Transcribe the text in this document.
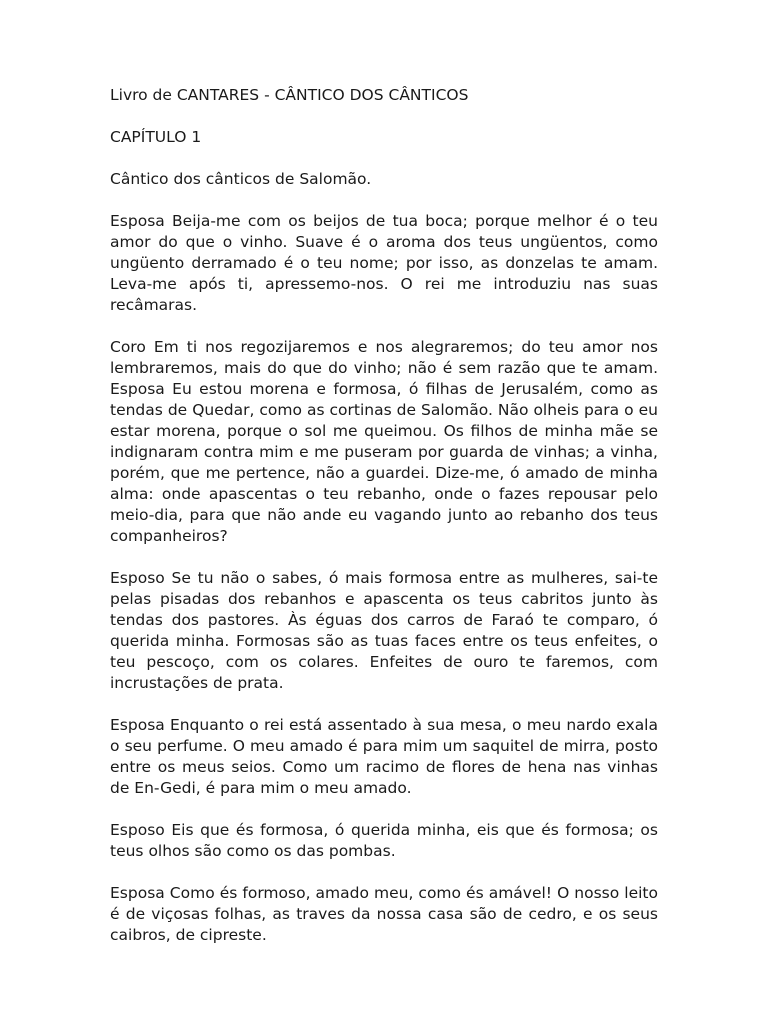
Livro de CANTARES - CÂNTICO DOS CÂNTICOS

CAPÍTULO 1

Cântico dos cânticos de Salomão.

Esposa Beija-me com os beijos de tua boca; porque melhor é o teu amor do que o vinho. Suave é o aroma dos teus ungüentos, como ungüento derramado é o teu nome; por isso, as donzelas te amam. Leva-me após ti, apressemo-nos. O rei me introduziu nas suas recâmaras.

Coro Em ti nos regozijaremos e nos alegraremos; do teu amor nos lembraremos, mais do que do vinho; não é sem razão que te amam. Esposa Eu estou morena e formosa, ó filhas de Jerusalém, como as tendas de Quedar, como as cortinas de Salomão. Não olheis para o eu estar morena, porque o sol me queimou. Os filhos de minha mãe se indignaram contra mim e me puseram por guarda de vinhas; a vinha, porém, que me pertence, não a guardei. Dize-me, ó amado de minha alma: onde apascentas o teu rebanho, onde o fazes repousar pelo meio-dia, para que não ande eu vagando junto ao rebanho dos teus companheiros?

Esposo Se tu não o sabes, ó mais formosa entre as mulheres, sai-te pelas pisadas dos rebanhos e apascenta os teus cabritos junto às tendas dos pastores. Às éguas dos carros de Faraó te comparo, ó querida minha. Formosas são as tuas faces entre os teus enfeites, o teu pescoço, com os colares. Enfeites de ouro te faremos, com incrustações de prata.

Esposa Enquanto o rei está assentado à sua mesa, o meu nardo exala o seu perfume. O meu amado é para mim um saquitel de mirra, posto entre os meus seios. Como um racimo de flores de hena nas vinhas de En-Gedi, é para mim o meu amado.

Esposo Eis que és formosa, ó querida minha, eis que és formosa; os teus olhos são como os das pombas.

Esposa Como és formoso, amado meu, como és amável! O nosso leito é de viçosas folhas, as traves da nossa casa são de cedro, e os seus caibros, de cipreste.
